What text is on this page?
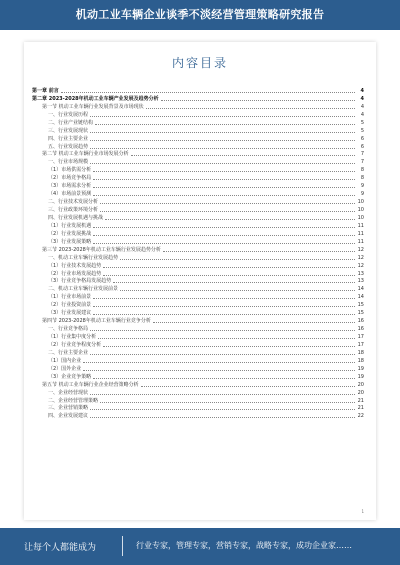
机动工业车辆企业谈季不淡经营管理策略研究报告
内容目录
第一章 前言	4
第二章 2023-2028年机动工业车辆产业发展及趋势分析	4
第一节 机动工业车辆行业发展背景及市场现状	4
一、行业发展历程	4
二、行业产业链结构	5
三、行业发展现状	5
四、行业主要企业	6
五、行业发展趋势	6
第二节 机动工业车辆行业市场发展分析	7
一、行业市场规模	7
（1）市场供需分析	8
（2）市场竞争格局	8
（3）市场需求分析	9
（4）市场前景预测	9
二、行业技术发展分析	10
三、行业政策环境分析	10
四、行业发展机遇与挑战	10
（1）行业发展机遇	11
（2）行业发展挑战	11
（3）行业发展策略	11
第三节 2023-2028年机动工业车辆行业发展趋势分析	12
一、机动工业车辆行业发展趋势	12
（1）行业技术发展趋势	12
（2）行业市场发展趋势	13
（3）行业竞争格局发展趋势	13
二、机动工业车辆行业发展前景	14
（1）行业市场前景	14
（2）行业投资前景	15
（3）行业发展建议	15
第四节 2023-2028年机动工业车辆行业竞争分析	16
一、行业竞争格局	16
（1）行业集中度分析	17
（2）行业竞争程度分析	17
二、行业主要企业	18
（1）国内企业	18
（2）国外企业	19
（3）企业竞争策略	19
第五节 机动工业车辆行业企业经营策略分析	20
一、企业经营现状	20
二、企业经营管理策略	21
三、企业营销策略	21
四、企业发展建议	22
1
让每个人都能成为	行业专家，管理专家，营销专家，战略专家，成功企业家……
